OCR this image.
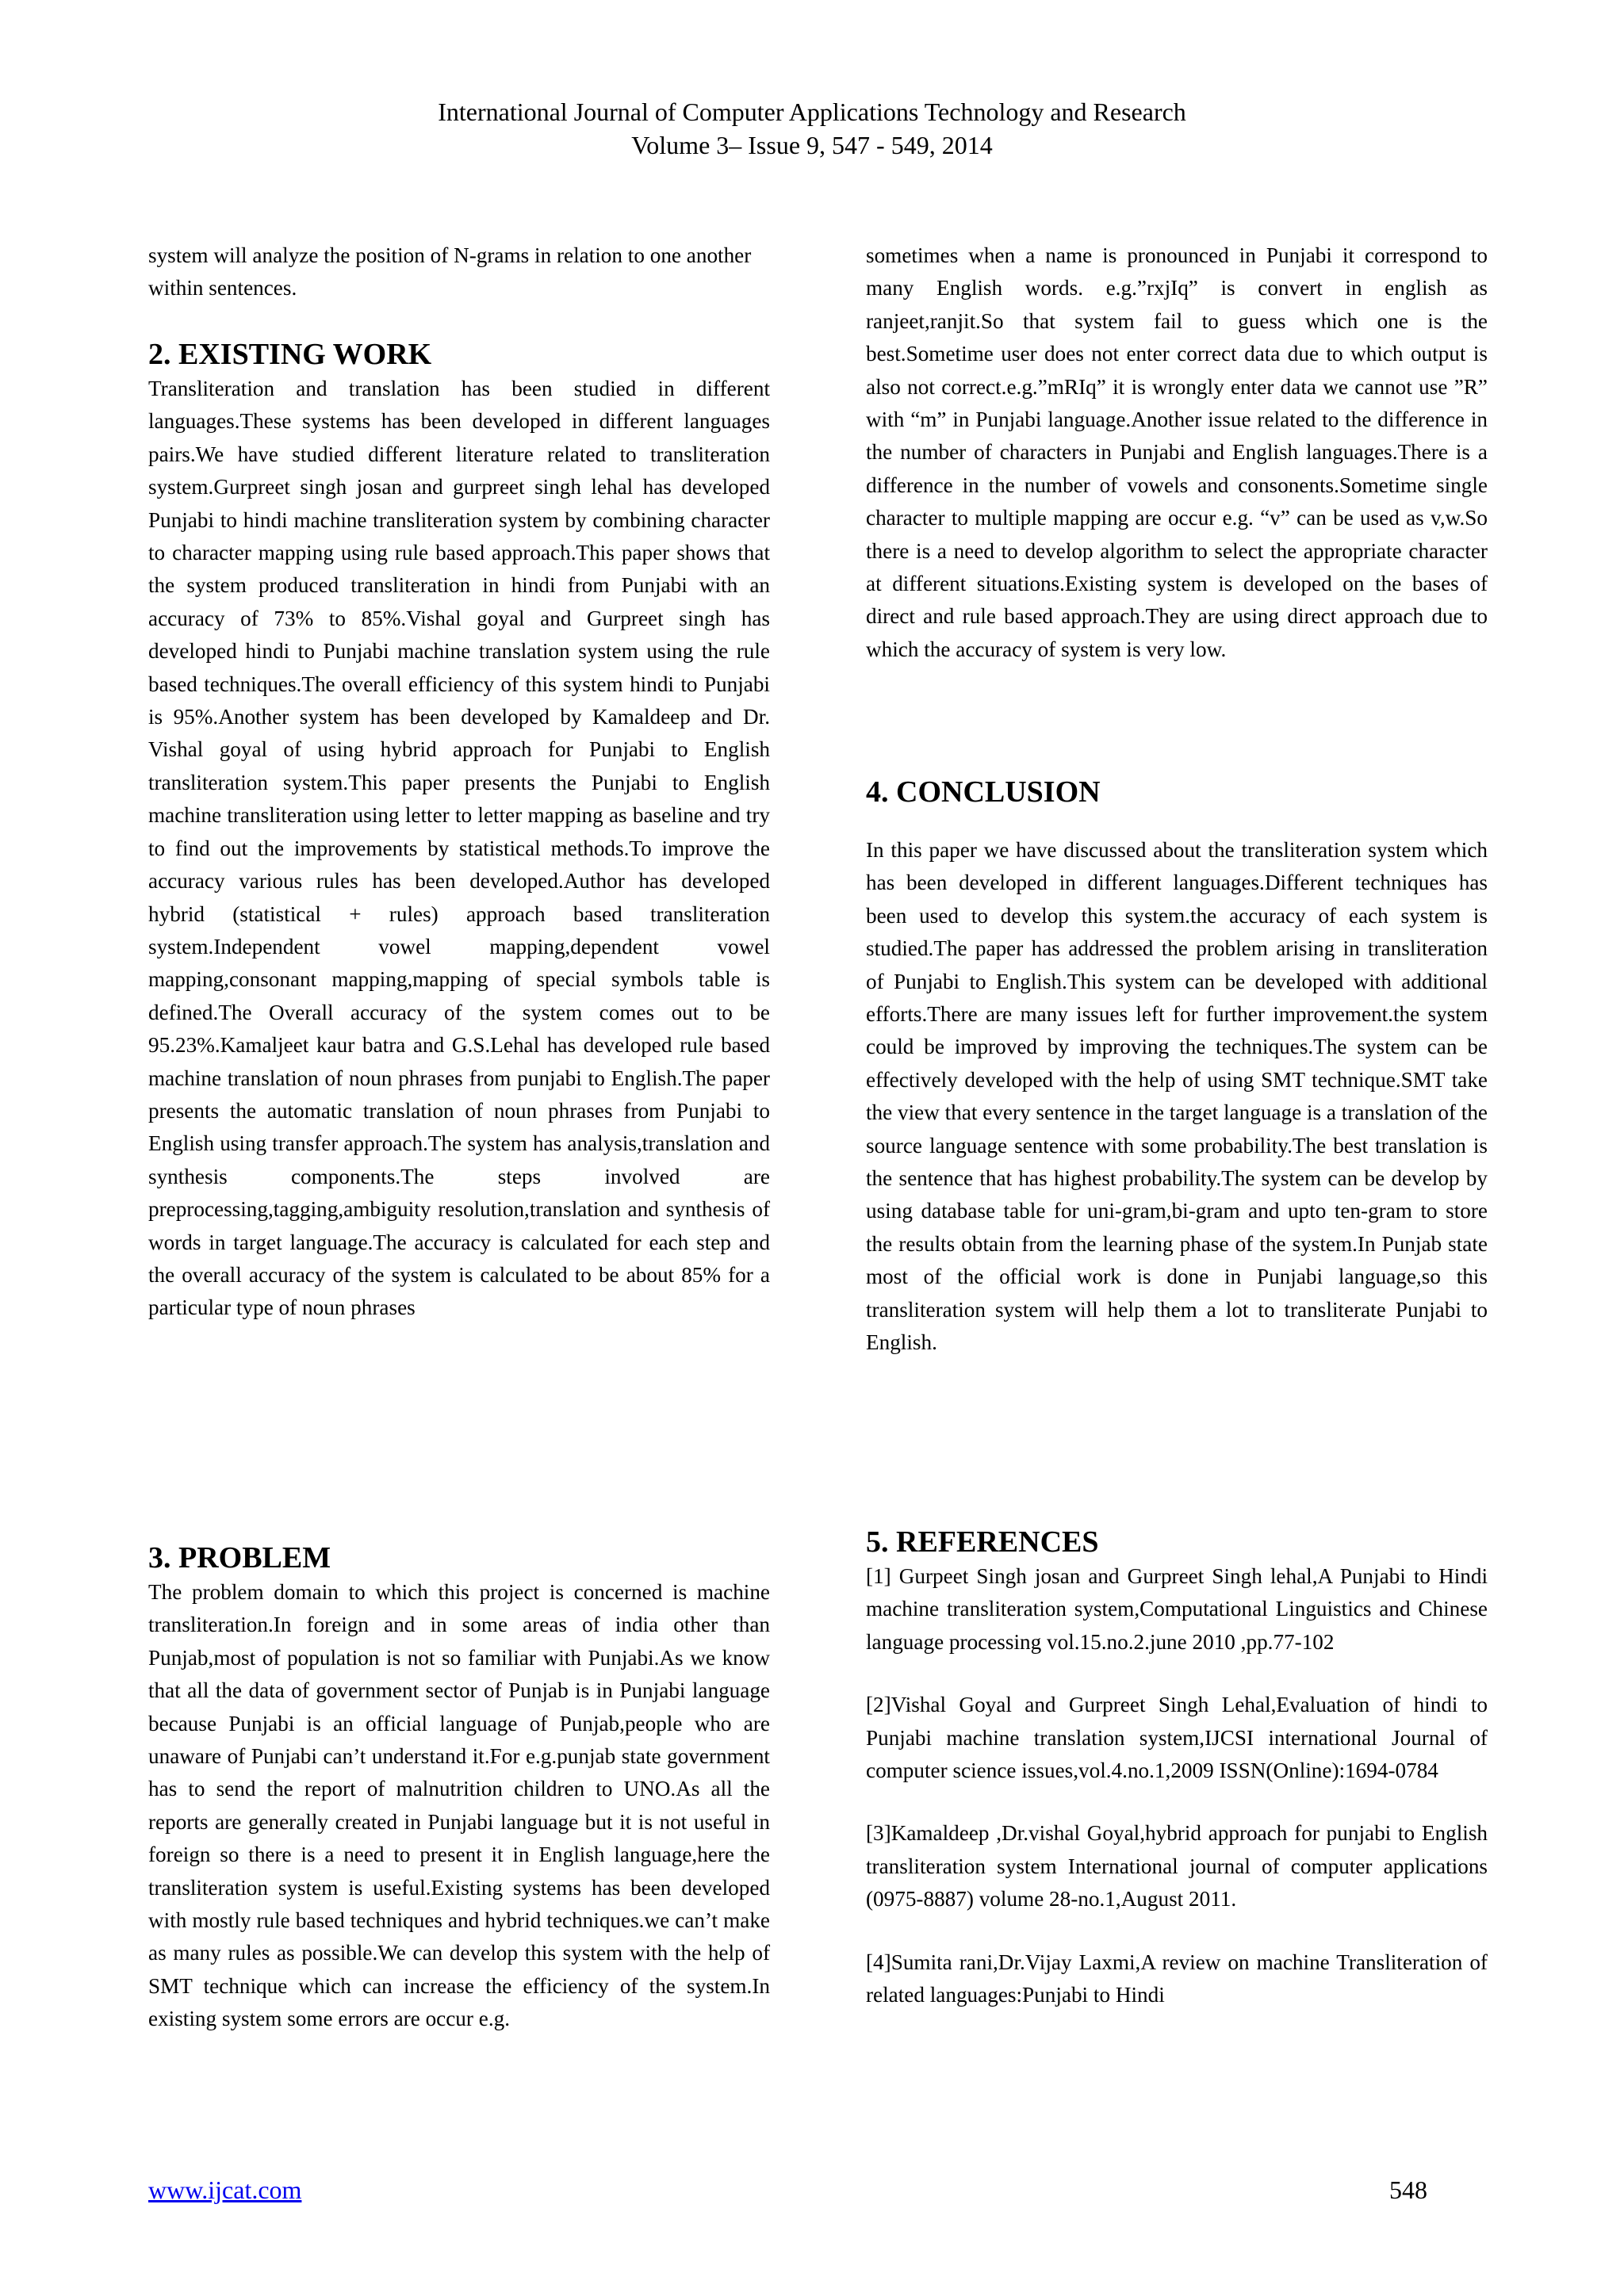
International Journal of Computer Applications Technology and Research
Volume 3– Issue 9, 547 - 549, 2014

system will analyze the position of N-grams in relation to one another within sentences.

2. EXISTING WORK

Transliteration and translation has been studied in different languages.These systems has been developed in different languages pairs.We have studied different literature related to transliteration system.Gurpreet singh josan and gurpreet singh lehal has developed Punjabi to hindi machine transliteration system by combining character to character mapping using rule based approach.This paper shows that the system produced transliteration in hindi from Punjabi with an accuracy of 73% to 85%.Vishal goyal and Gurpreet singh has developed hindi to Punjabi machine translation system using the rule based techniques.The overall efficiency of this system hindi to Punjabi is 95%.Another system has been developed by Kamaldeep and Dr. Vishal goyal of using hybrid approach for Punjabi to English transliteration system.This paper presents the Punjabi to English machine transliteration using letter to letter mapping as baseline and try to find out the improvements by statistical methods.To improve the accuracy various rules has been developed.Author has developed hybrid (statistical + rules) approach based transliteration system.Independent vowel mapping,dependent vowel mapping,consonant mapping,mapping of special symbols table is defined.The Overall accuracy of the system comes out to be 95.23%.Kamaljeet kaur batra and G.S.Lehal has developed rule based machine translation of noun phrases from punjabi to English.The paper presents the automatic translation of noun phrases from Punjabi to English using transfer approach.The system has analysis,translation and synthesis components.The steps involved are preprocessing,tagging,ambiguity resolution,translation and synthesis of words in target language.The accuracy is calculated for each step and the overall accuracy of the system is calculated to be about 85% for a particular type of noun phrases

3. PROBLEM

The problem domain to which this project is concerned is machine transliteration.In foreign and in some areas of india other than Punjab,most of population is not so familiar with Punjabi.As we know that all the data of government sector of Punjab is in Punjabi language because Punjabi is an official language of Punjab,people who are unaware of Punjabi can’t understand it.For e.g.punjab state government has to send the report of malnutrition children to UNO.As all the reports are generally created in Punjabi language but it is not useful in foreign so there is a need to present it in English language,here the transliteration system is useful.Existing systems has been developed with mostly rule based techniques and hybrid techniques.we can’t make as many rules as possible.We can develop this system with the help of SMT technique which can increase the efficiency of the system.In existing system some errors are occur e.g.

sometimes when a name is pronounced in Punjabi it correspond to many English words. e.g.”rxjIq” is convert in english as ranjeet,ranjit.So that system fail to guess which one is the best.Sometime user does not enter correct data due to which output is also not correct.e.g.”mRIq” it is wrongly enter data we cannot use ”R” with “m” in Punjabi language.Another issue related to the difference in the number of characters in Punjabi and English languages.There is a difference in the number of vowels and consonents.Sometime single character to multiple mapping are occur e.g. “v” can be used as v,w.So there is a need to develop algorithm to select the appropriate character at different situations.Existing system is developed on the bases of direct and rule based approach.They are using direct approach due to which the accuracy of system is very low.

4. CONCLUSION

In this paper we have discussed about the transliteration system which has been developed in different languages.Different techniques has been used to develop this system.the accuracy of each system is studied.The paper has addressed the problem arising in transliteration of Punjabi to English.This system can be developed with additional efforts.There are many issues left for further improvement.the system could be improved by improving the techniques.The system can be effectively developed with the help of using SMT technique.SMT take the view that every sentence in the target language is a translation of the source language sentence with some probability.The best translation is the sentence that has highest probability.The system can be develop by using database table for uni-gram,bi-gram and upto ten-gram to store the results obtain from the learning phase of the system.In Punjab state most of the official work is done in Punjabi language,so this transliteration system will help them a lot to transliterate Punjabi to English.

5. REFERENCES

[1] Gurpeet Singh josan and Gurpreet Singh lehal,A Punjabi to Hindi machine transliteration system,Computational Linguistics and Chinese language processing vol.15.no.2.june 2010 ,pp.77-102

[2]Vishal Goyal and Gurpreet Singh Lehal,Evaluation of hindi to Punjabi machine translation system,IJCSI international Journal of computer science issues,vol.4.no.1,2009 ISSN(Online):1694-0784

[3]Kamaldeep ,Dr.vishal Goyal,hybrid approach for punjabi to English transliteration system International journal of computer applications (0975-8887) volume 28-no.1,August 2011.

[4]Sumita rani,Dr.Vijay Laxmi,A review on machine Transliteration of related languages:Punjabi to Hindi

www.ijcat.com	548
